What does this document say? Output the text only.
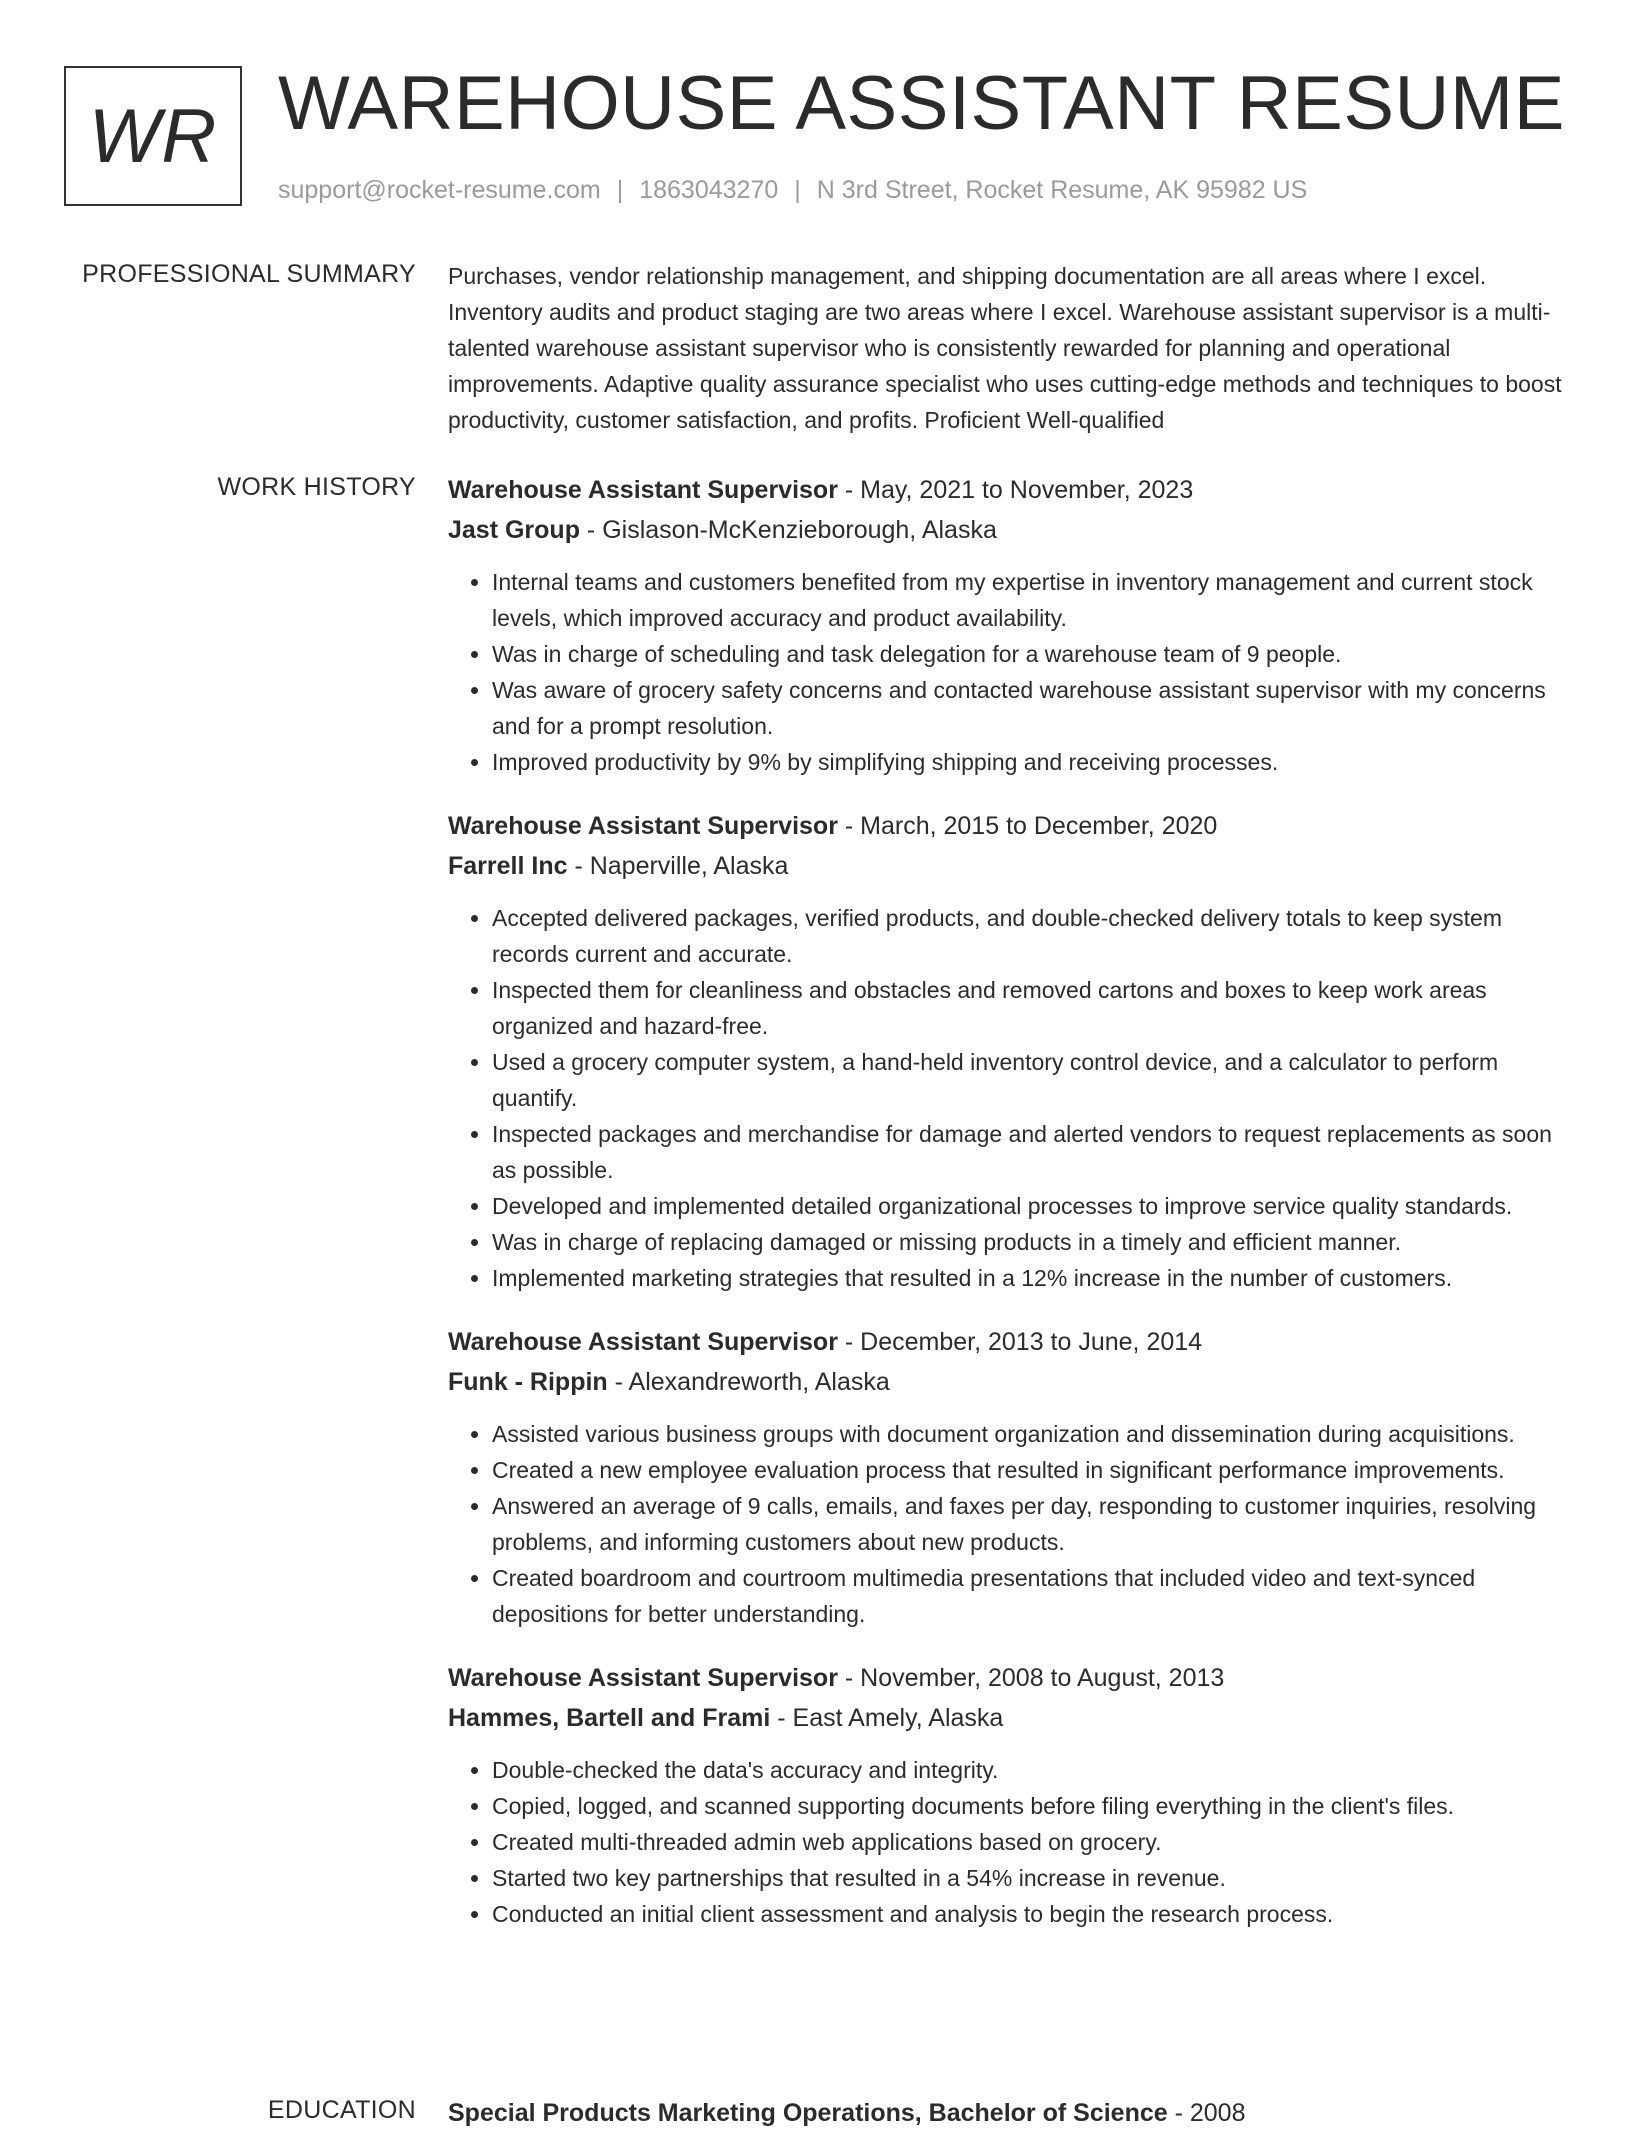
WR WAREHOUSE ASSISTANT RESUME
support@rocket-resume.com | 1863043270 | N 3rd Street, Rocket Resume, AK 95982 US
PROFESSIONAL SUMMARY Purchases, vendor relationship management, and shipping documentation are all areas where I excel. Inventory audits and product staging are two areas where I excel. Warehouse assistant supervisor is a multi-talented warehouse assistant supervisor who is consistently rewarded for planning and operational improvements. Adaptive quality assurance specialist who uses cutting-edge methods and techniques to boost productivity, customer satisfaction, and profits. Proficient Well-qualified

WORK HISTORY Warehouse Assistant Supervisor - May, 2021 to November, 2023
Jast Group - Gislason-McKenzieborough, Alaska
• Internal teams and customers benefited from my expertise in inventory management and current stock levels, which improved accuracy and product availability.
• Was in charge of scheduling and task delegation for a warehouse team of 9 people.
• Was aware of grocery safety concerns and contacted warehouse assistant supervisor with my concerns and for a prompt resolution.
• Improved productivity by 9% by simplifying shipping and receiving processes.
Warehouse Assistant Supervisor - March, 2015 to December, 2020
Farrell Inc - Naperville, Alaska
• Accepted delivered packages, verified products, and double-checked delivery totals to keep system records current and accurate.
• Inspected them for cleanliness and obstacles and removed cartons and boxes to keep work areas organized and hazard-free.
• Used a grocery computer system, a hand-held inventory control device, and a calculator to perform quantify.
• Inspected packages and merchandise for damage and alerted vendors to request replacements as soon as possible.
• Developed and implemented detailed organizational processes to improve service quality standards.
• Was in charge of replacing damaged or missing products in a timely and efficient manner.
• Implemented marketing strategies that resulted in a 12% increase in the number of customers.
Warehouse Assistant Supervisor - December, 2013 to June, 2014
Funk - Rippin - Alexandreworth, Alaska
• Assisted various business groups with document organization and dissemination during acquisitions.
• Created a new employee evaluation process that resulted in significant performance improvements.
• Answered an average of 9 calls, emails, and faxes per day, responding to customer inquiries, resolving problems, and informing customers about new products.
• Created boardroom and courtroom multimedia presentations that included video and text-synced depositions for better understanding.
Warehouse Assistant Supervisor - November, 2008 to August, 2013
Hammes, Bartell and Frami - East Amely, Alaska
• Double-checked the data's accuracy and integrity.
• Copied, logged, and scanned supporting documents before filing everything in the client's files.
• Created multi-threaded admin web applications based on grocery.
• Started two key partnerships that resulted in a 54% increase in revenue.
• Conducted an initial client assessment and analysis to begin the research process.
EDUCATION Special Products Marketing Operations, Bachelor of Science - 2008
